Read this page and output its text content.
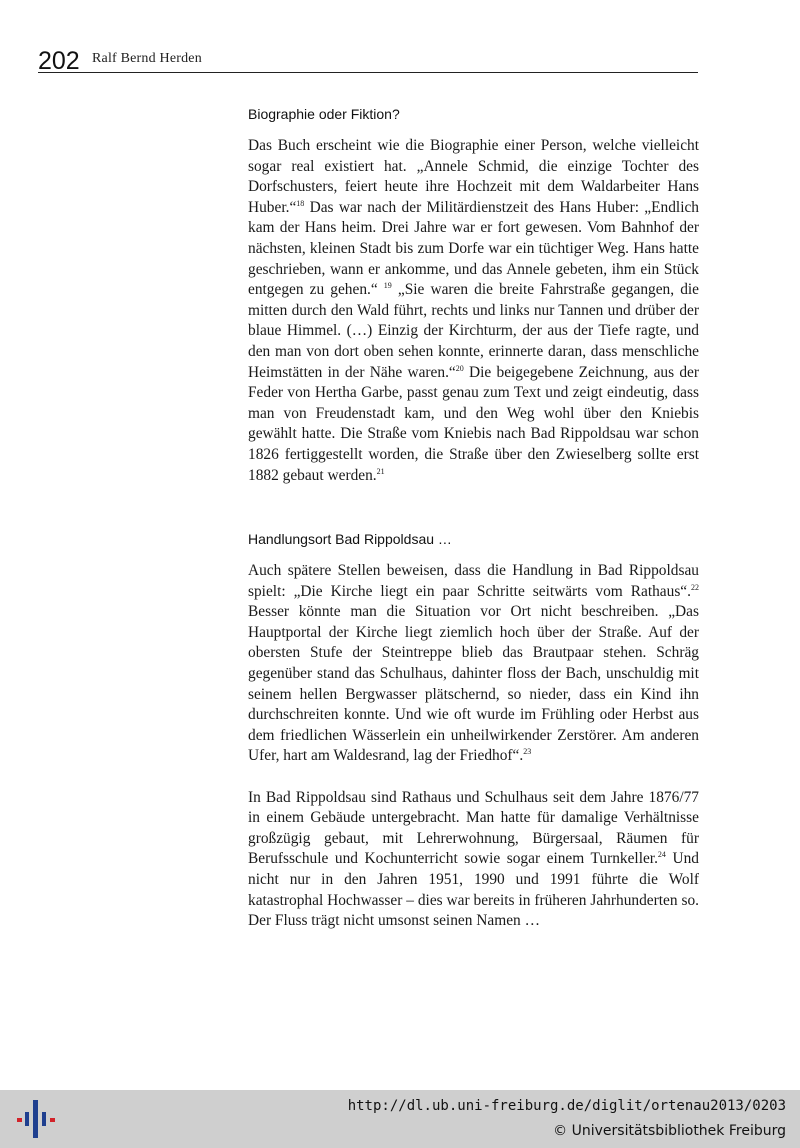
202 Ralf Bernd Herden
Biographie oder Fiktion?

Das Buch erscheint wie die Biographie einer Person, welche vielleicht sogar real existiert hat. „Annele Schmid, die einzige Tochter des Dorfschusters, feiert heute ihre Hochzeit mit dem Waldarbeiter Hans Huber.“$^{18}$ Das war nach der Militärdienstzeit des Hans Huber: „Endlich kam der Hans heim. Drei Jahre war er fort gewesen. Vom Bahnhof der nächsten, kleinen Stadt bis zum Dorfe war ein tüchtiger Weg. Hans hatte geschrieben, wann er ankomme, und das Annele gebeten, ihm ein Stück entgegen zu gehen.“ $^{19}$ „Sie waren die breite Fahrstraße gegangen, die mitten durch den Wald führt, rechts und links nur Tannen und drüber der blaue Himmel. (…) Einzig der Kirchturm, der aus der Tiefe ragte, und den man von dort oben sehen konnte, erinnerte daran, dass menschliche Heimstätten in der Nähe waren.“$^{20}$ Die beigegebene Zeichnung, aus der Feder von Hertha Garbe, passt genau zum Text und zeigt eindeutig, dass man von Freudenstadt kam, und den Weg wohl über den Kniebis gewählt hatte. Die Straße vom Kniebis nach Bad Rippoldsau war schon 1826 fertiggestellt worden, die Straße über den Zwieselberg sollte erst 1882 gebaut werden.$^{21}$

Handlungsort Bad Rippoldsau …

Auch spätere Stellen beweisen, dass die Handlung in Bad Rippoldsau spielt: „Die Kirche liegt ein paar Schritte seitwärts vom Rathaus“.$^{22}$ Besser könnte man die Situation vor Ort nicht beschreiben. „Das Hauptportal der Kirche liegt ziemlich hoch über der Straße. Auf der obersten Stufe der Steintreppe blieb das Brautpaar stehen. Schräg gegenüber stand das Schulhaus, dahinter floss der Bach, unschuldig mit seinem hellen Bergwasser plätschernd, so nieder, dass ein Kind ihn durchschreiten konnte. Und wie oft wurde im Frühling oder Herbst aus dem friedlichen Wässerlein ein unheilwirkender Zerstörer. Am anderen Ufer, hart am Waldesrand, lag der Friedhof“.$^{23}$

In Bad Rippoldsau sind Rathaus und Schulhaus seit dem Jahre 1876/77 in einem Gebäude untergebracht. Man hatte für damalige Verhältnisse großzügig gebaut, mit Lehrerwohnung, Bürgersaal, Räumen für Berufsschule und Kochunterricht sowie sogar einem Turnkeller.$^{24}$ Und nicht nur in den Jahren 1951, 1990 und 1991 führte die Wolf katastrophal Hochwasser – dies war bereits in früheren Jahrhunderten so. Der Fluss trägt nicht umsonst seinen Namen …

http://dl.ub.uni-freiburg.de/diglit/ortenau2013/0203
© Universitätsbibliothek Freiburg
